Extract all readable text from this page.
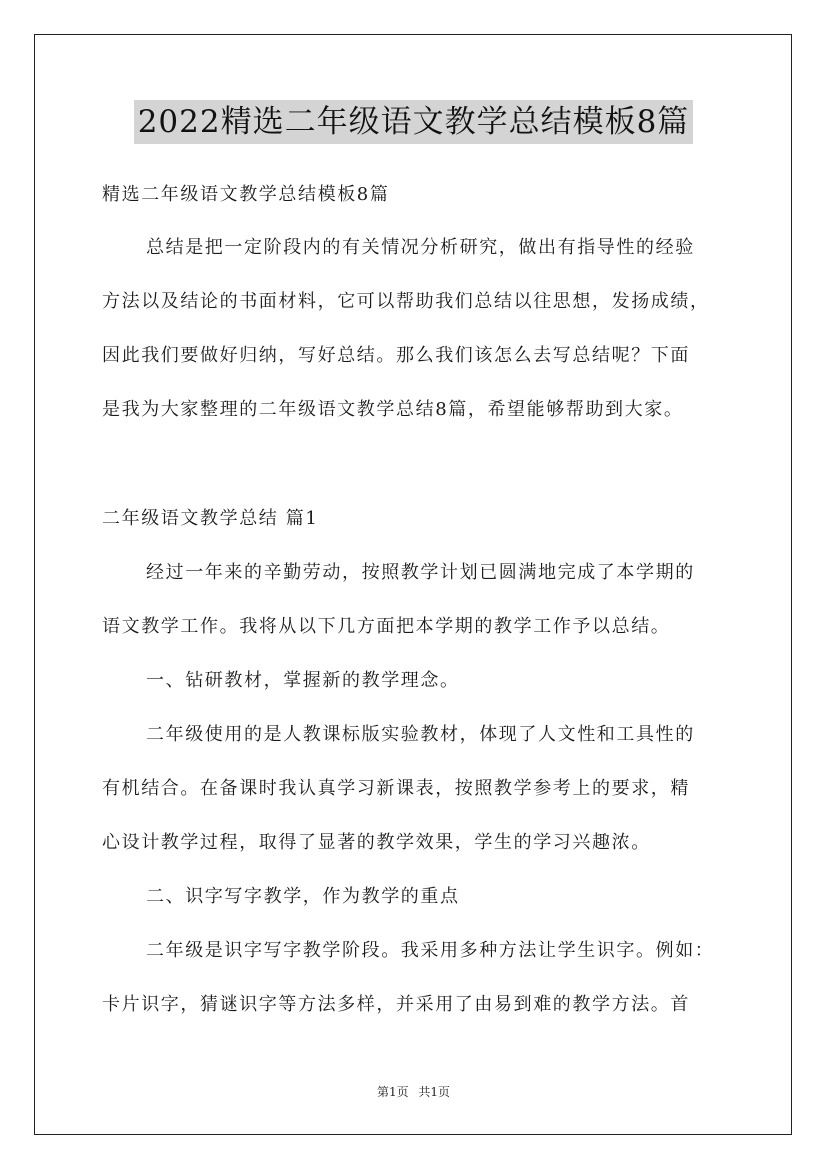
2022精选二年级语文教学总结模板8篇
精选二年级语文教学总结模板8篇
总结是把一定阶段内的有关情况分析研究，做出有指导性的经验
方法以及结论的书面材料，它可以帮助我们总结以往思想，发扬成绩，
因此我们要做好归纳，写好总结。那么我们该怎么去写总结呢？下面
是我为大家整理的二年级语文教学总结8篇，希望能够帮助到大家。
二年级语文教学总结 篇1
经过一年来的辛勤劳动，按照教学计划已圆满地完成了本学期的
语文教学工作。我将从以下几方面把本学期的教学工作予以总结。
一、钻研教材，掌握新的教学理念。
二年级使用的是人教课标版实验教材，体现了人文性和工具性的
有机结合。在备课时我认真学习新课表，按照教学参考上的要求，精
心设计教学过程，取得了显著的教学效果，学生的学习兴趣浓。
二、识字写字教学，作为教学的重点
二年级是识字写字教学阶段。我采用多种方法让学生识字。例如：
卡片识字，猜谜识字等方法多样，并采用了由易到难的教学方法。首
第1页 共1页
